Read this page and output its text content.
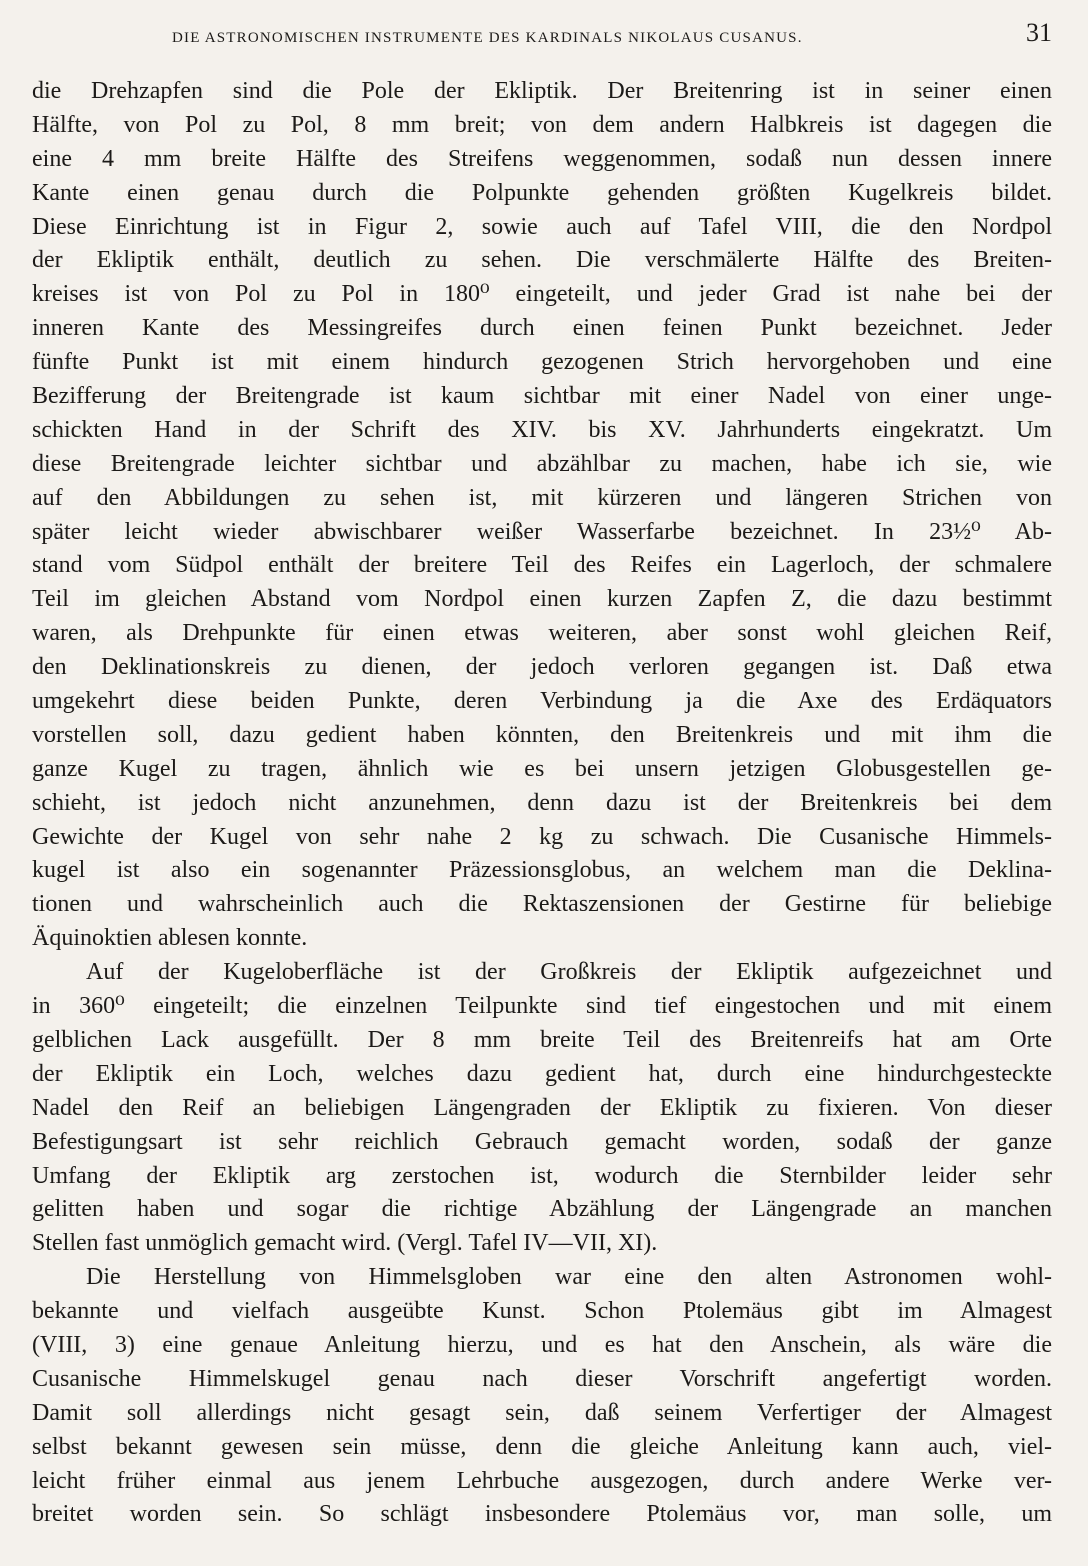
DIE ASTRONOMISCHEN INSTRUMENTE DES KARDINALS NIKOLAUS CUSANUS.	31
die Drehzapfen sind die Pole der Ekliptik. Der Breitenring ist in seiner einen
Hälfte, von Pol zu Pol, 8 mm breit; von dem andern Halbkreis ist dagegen die
eine 4 mm breite Hälfte des Streifens weggenommen, sodaß nun dessen innere
Kante einen genau durch die Polpunkte gehenden größten Kugelkreis bildet.
Diese Einrichtung ist in Figur 2, sowie auch auf Tafel VIII, die den Nordpol
der Ekliptik enthält, deutlich zu sehen. Die verschmälerte Hälfte des Breiten-
kreises ist von Pol zu Pol in 180⁰ eingeteilt, und jeder Grad ist nahe bei der
inneren Kante des Messingreifes durch einen feinen Punkt bezeichnet. Jeder
fünfte Punkt ist mit einem hindurch gezogenen Strich hervorgehoben und eine
Bezifferung der Breitengrade ist kaum sichtbar mit einer Nadel von einer unge-
schickten Hand in der Schrift des XIV. bis XV. Jahrhunderts eingekratzt. Um
diese Breitengrade leichter sichtbar und abzählbar zu machen, habe ich sie, wie
auf den Abbildungen zu sehen ist, mit kürzeren und längeren Strichen von
später leicht wieder abwischbarer weißer Wasserfarbe bezeichnet. In 23½⁰ Ab-
stand vom Südpol enthält der breitere Teil des Reifes ein Lagerloch, der schmalere
Teil im gleichen Abstand vom Nordpol einen kurzen Zapfen Z, die dazu bestimmt
waren, als Drehpunkte für einen etwas weiteren, aber sonst wohl gleichen Reif,
den Deklinationskreis zu dienen, der jedoch verloren gegangen ist. Daß etwa
umgekehrt diese beiden Punkte, deren Verbindung ja die Axe des Erdäquators
vorstellen soll, dazu gedient haben könnten, den Breitenkreis und mit ihm die
ganze Kugel zu tragen, ähnlich wie es bei unsern jetzigen Globusgestellen ge-
schieht, ist jedoch nicht anzunehmen, denn dazu ist der Breitenkreis bei dem
Gewichte der Kugel von sehr nahe 2 kg zu schwach. Die Cusanische Himmels-
kugel ist also ein sogenannter Präzessionsglobus, an welchem man die Deklina-
tionen und wahrscheinlich auch die Rektaszensionen der Gestirne für beliebige
Äquinoktien ablesen konnte.
Auf der Kugeloberfläche ist der Großkreis der Ekliptik aufgezeichnet und
in 360⁰ eingeteilt; die einzelnen Teilpunkte sind tief eingestochen und mit einem
gelblichen Lack ausgefüllt. Der 8 mm breite Teil des Breitenreifs hat am Orte
der Ekliptik ein Loch, welches dazu gedient hat, durch eine hindurchgesteckte
Nadel den Reif an beliebigen Längengraden der Ekliptik zu fixieren. Von dieser
Befestigungsart ist sehr reichlich Gebrauch gemacht worden, sodaß der ganze
Umfang der Ekliptik arg zerstochen ist, wodurch die Sternbilder leider sehr
gelitten haben und sogar die richtige Abzählung der Längengrade an manchen
Stellen fast unmöglich gemacht wird. (Vergl. Tafel IV—VII, XI).
Die Herstellung von Himmelsgloben war eine den alten Astronomen wohl-
bekannte und vielfach ausgeübte Kunst. Schon Ptolemäus gibt im Almagest
(VIII, 3) eine genaue Anleitung hierzu, und es hat den Anschein, als wäre die
Cusanische Himmelskugel genau nach dieser Vorschrift angefertigt worden.
Damit soll allerdings nicht gesagt sein, daß seinem Verfertiger der Almagest
selbst bekannt gewesen sein müsse, denn die gleiche Anleitung kann auch, viel-
leicht früher einmal aus jenem Lehrbuche ausgezogen, durch andere Werke ver-
breitet worden sein. So schlägt insbesondere Ptolemäus vor, man solle, um
